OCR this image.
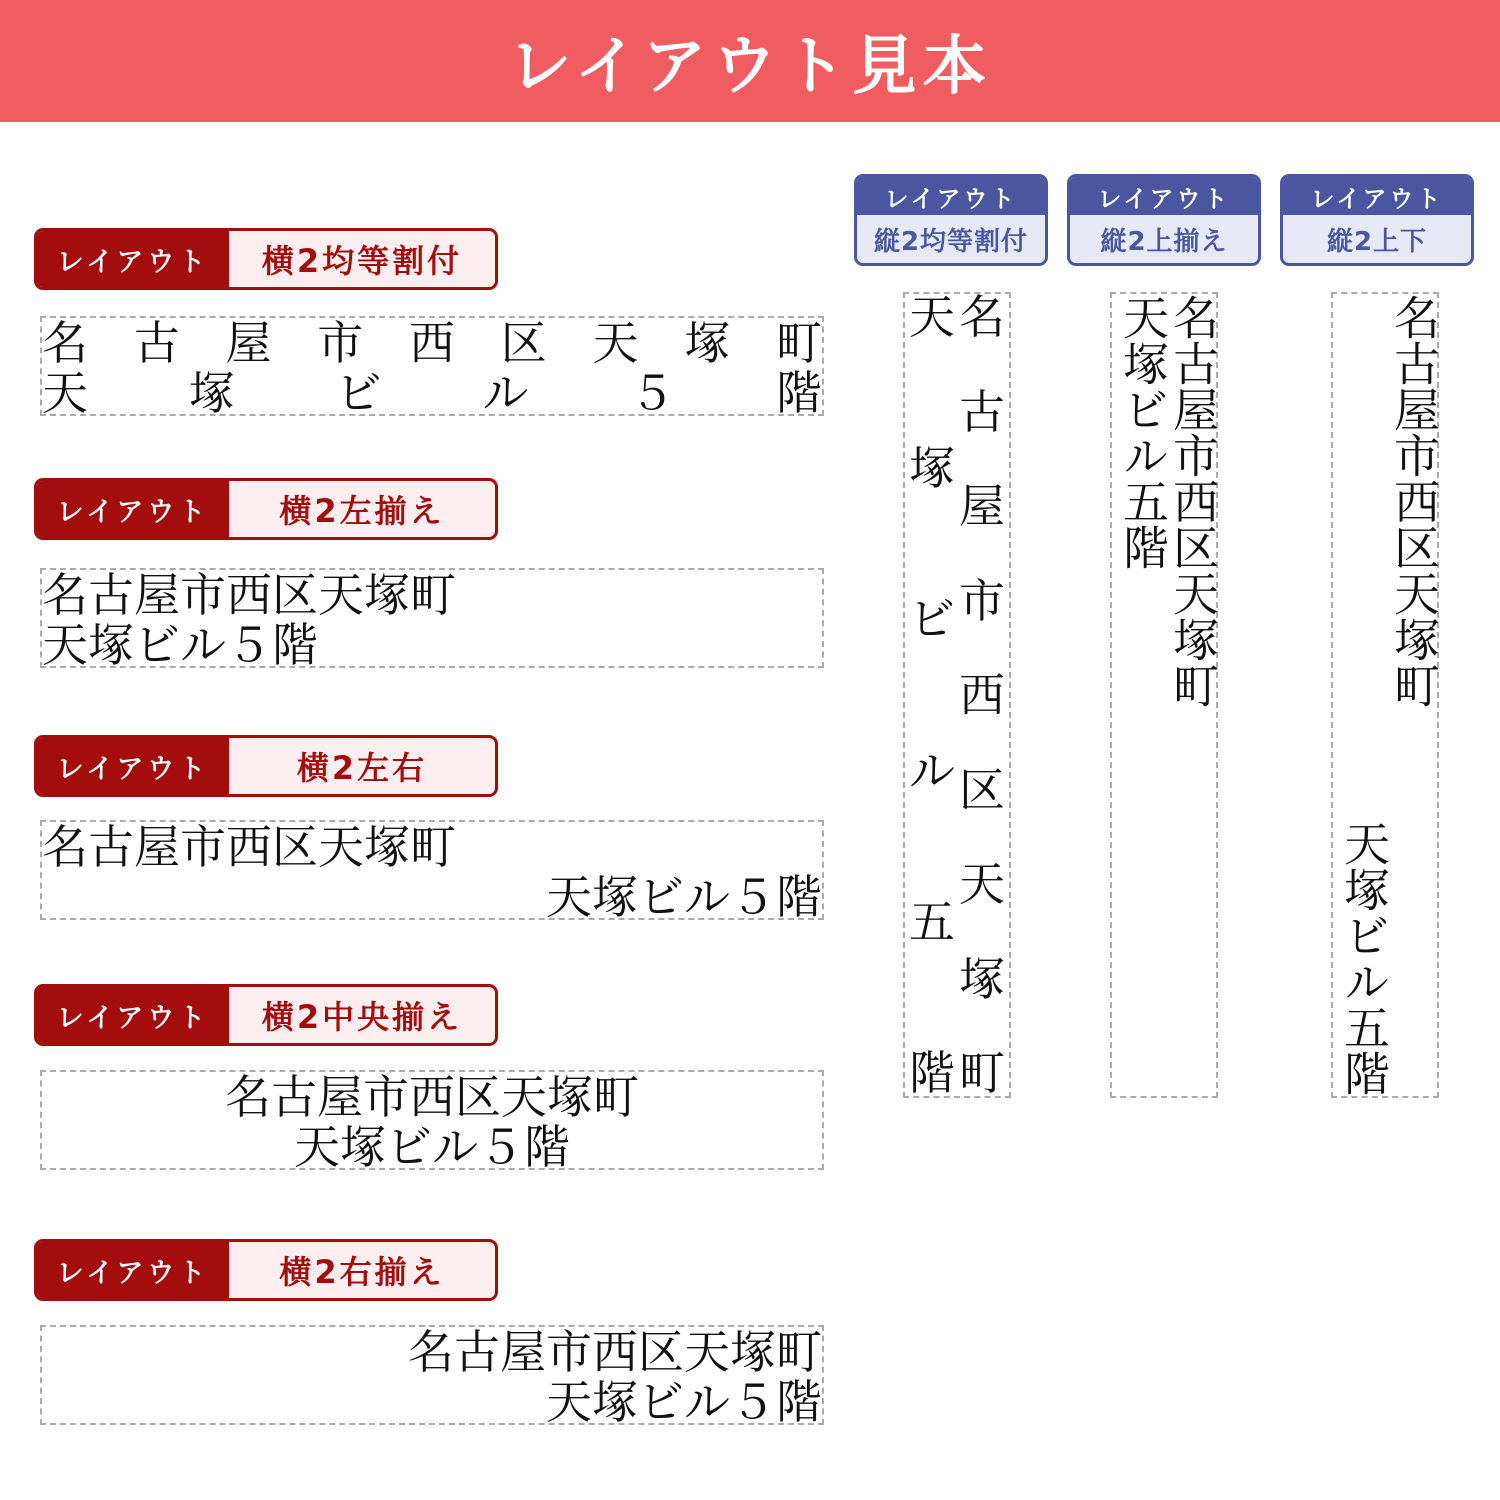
レイアウト見本
レイアウト	横2均等割付
名 古 屋 市 西 区 天 塚 町
天 塚 ビ ル ５ 階
レイアウト	横2左揃え
名古屋市西区天塚町
天塚ビル５階
レイアウト	横2左右
名古屋市西区天塚町
天塚ビル５階
レイアウト	横2中央揃え
名古屋市西区天塚町
天塚ビル５階
レイアウト	横2右揃え
名古屋市西区天塚町
天塚ビル５階
レイアウト
縦2均等割付
レイアウト
縦2上揃え
レイアウト
縦2上下
名
古
屋
市
西
区
天
塚
町
天
塚
ビ
ル
五
階
名古屋市西区天塚町
天塚ビル五階	名古屋市西区天塚町
天塚ビル五階
